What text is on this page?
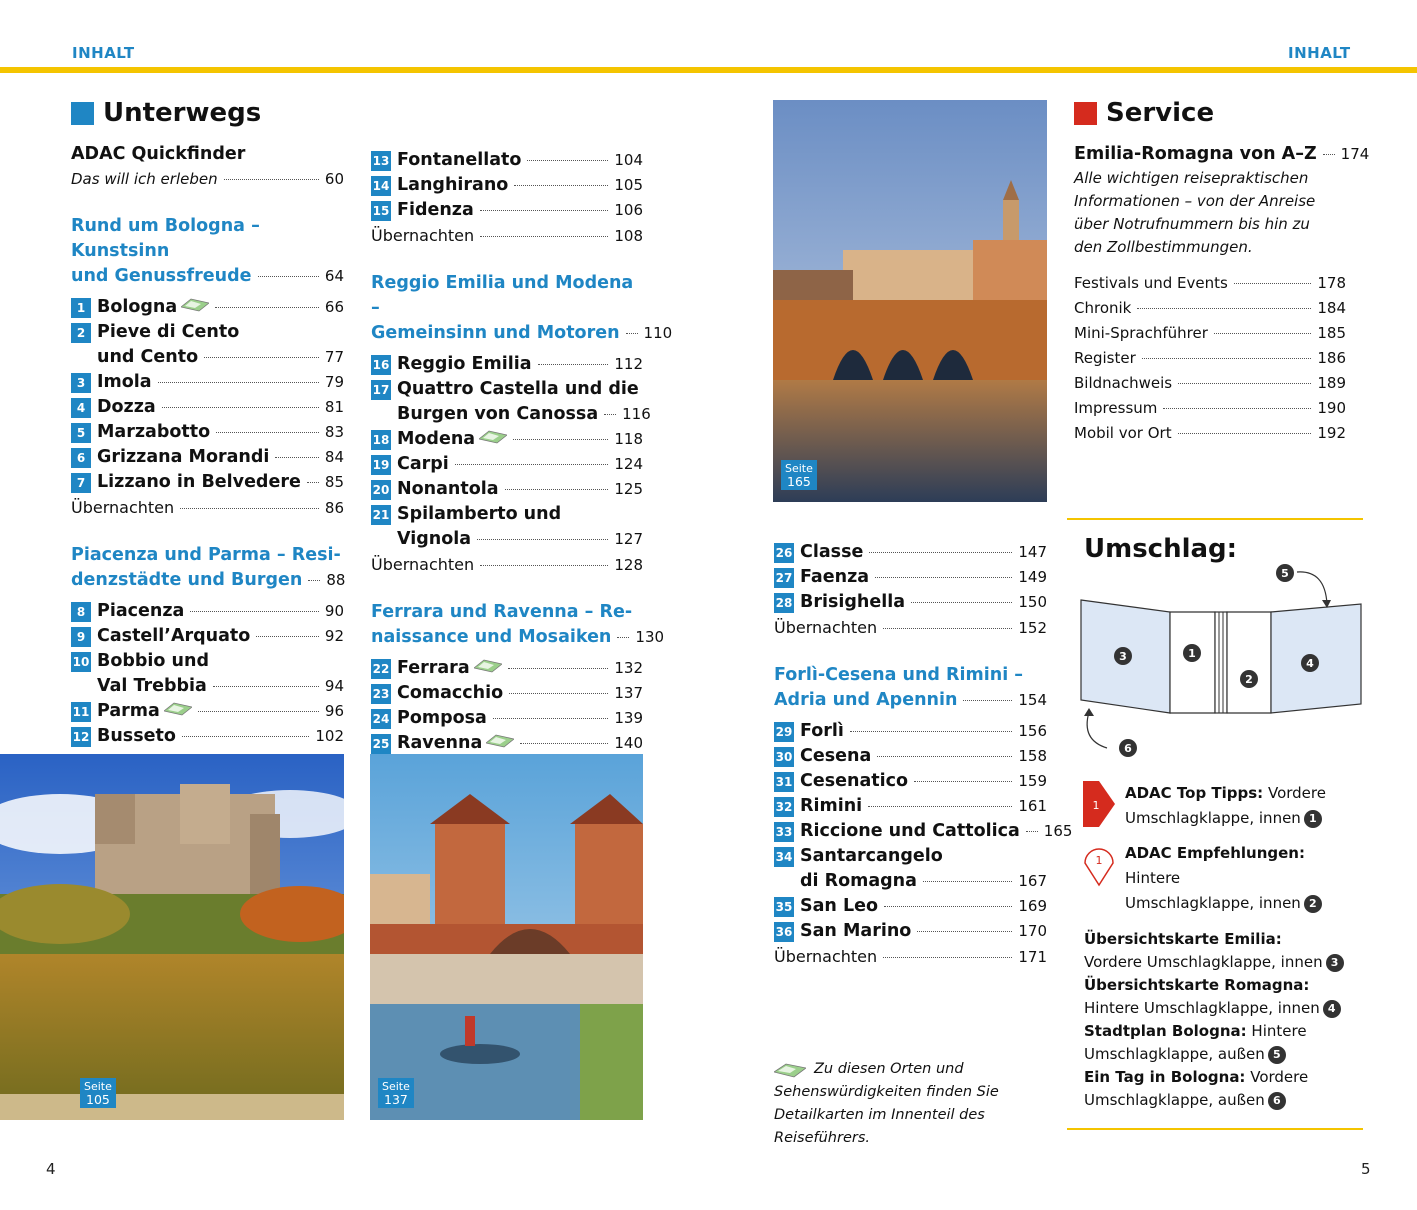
INHALT	INHALT
Unterwegs
ADAC Quickfinder
Das will ich erleben	60
Rund um Bologna – Kunstsinn
und Genussfreude	64
1 Bologna	66
2 Pieve di Cento
und Cento	77
3 Imola	79
4 Dozza	81
5 Marzabotto	83
6 Grizzana Morandi	84
7 Lizzano in Belvedere 85
Übernachten	86
Piacenza und Parma – Resi-
denzstädte und Burgen 88
8 Piacenza	90
9 Castell’Arquato	92
10 Bobbio und
Val Trebbia	94
11 Parma	96
12 Busseto	102
13 Fontanellato	104
14 Langhirano	105
15 Fidenza	106
Übernachten	108
Reggio Emilia und Modena –
Gemeinsinn und Motoren 110
16 Reggio Emilia	112
17 Quattro Castella und die
Burgen von Canossa 116
18 Modena	118
19 Carpi	124
20 Nonantola	125
21 Spilamberto und
Vignola	127
Übernachten	128
Ferrara und Ravenna – Re-
naissance und Mosaiken 130
22 Ferrara	132
23 Comacchio	137
24 Pomposa	139
25 Ravenna	140
26 Classe	147
27 Faenza	149
28 Brisighella	150
Übernachten	152
Forlì-Cesena und Rimini –
Adria und Apennin	154
29 Forlì	156
30 Cesena	158
31 Cesenatico	159
32 Rimini	161
33 Riccione und Cattolica 165
34 Santarcangelo
di Romagna	167
35 San Leo	169
36 San Marino	170
Übernachten	171
Zu diesen Orten und Sehenswürdigkeiten finden Sie Detailkarten im Innenteil des Reiseführers.
Seite
105
Seite
137
Seite
165
Service
Emilia-Romagna von A–Z 174
Alle wichtigen reisepraktischen
Informationen – von der Anreise
über Notrufnummern bis hin zu
den Zollbestimmungen.
Festivals und Events	178
Chronik	184
Mini-Sprachführer	185
Register	186
Bildnachweis	189
Impressum	190
Mobil vor Ort	192
Umschlag:
1
2
3
4
5
6
1
ADAC Top Tipps: Vordere
Umschlagklappe, innen 1
1 ADAC Empfehlungen: Hintere
Umschlagklappe, innen 2
Übersichtskarte Emilia:
Vordere Umschlagklappe, innen 3
Übersichtskarte Romagna:
Hintere Umschlagklappe, innen 4
Stadtplan Bologna: Hintere
Umschlagklappe, außen 5
Ein Tag in Bologna: Vordere
Umschlagklappe, außen 6
4	5
